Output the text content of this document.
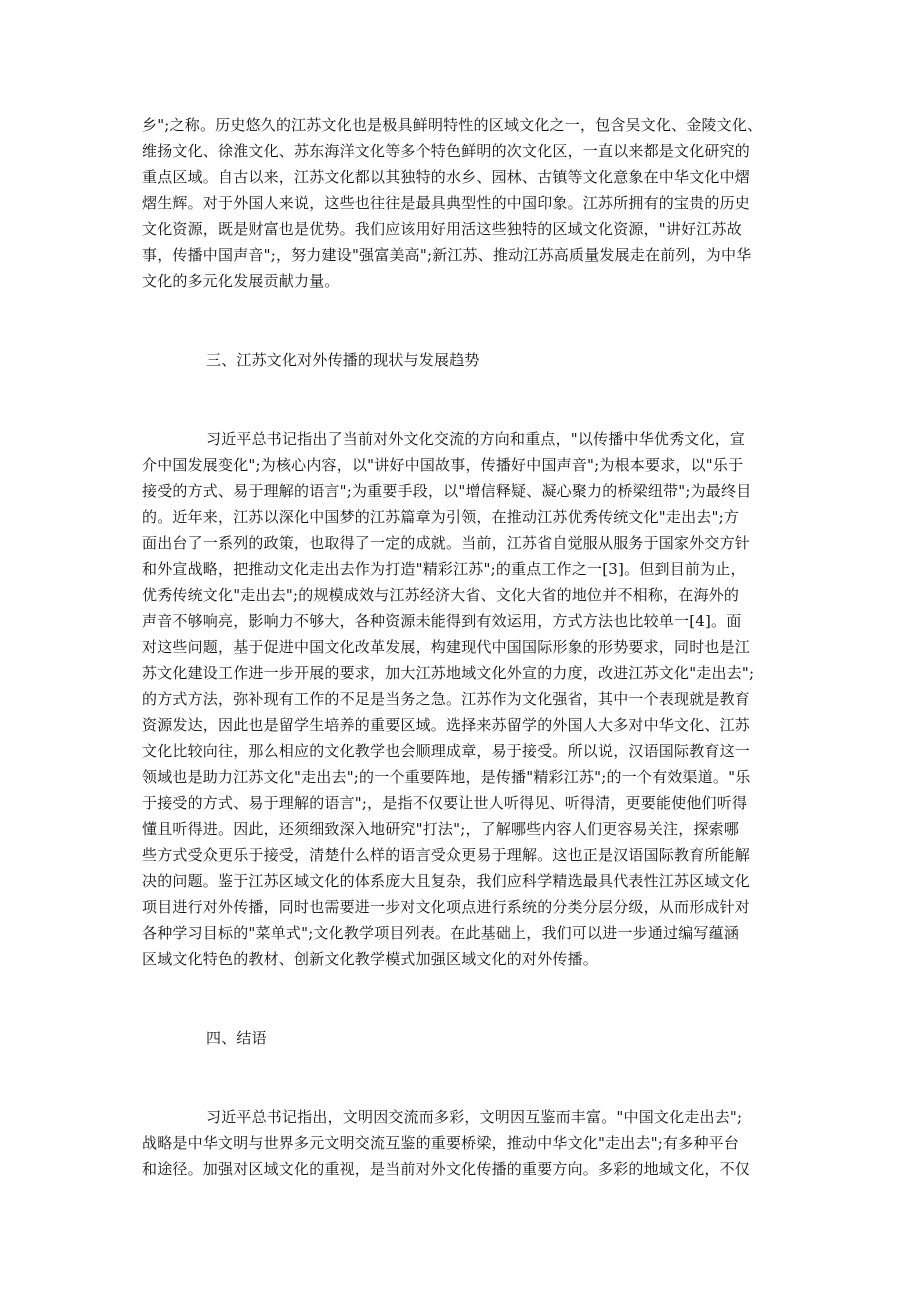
乡";之称。历史悠久的江苏文化也是极具鲜明特性的区域文化之一，包含吴文化、金陵文化、
维扬文化、徐淮文化、苏东海洋文化等多个特色鲜明的次文化区，一直以来都是文化研究的
重点区域。自古以来，江苏文化都以其独特的水乡、园林、古镇等文化意象在中华文化中熠
熠生辉。对于外国人来说，这些也往往是最具典型性的中国印象。江苏所拥有的宝贵的历史
文化资源，既是财富也是优势。我们应该用好用活这些独特的区域文化资源，"讲好江苏故
事，传播中国声音";，努力建设"强富美高";新江苏、推动江苏高质量发展走在前列，为中华
文化的多元化发展贡献力量。
三、江苏文化对外传播的现状与发展趋势
习近平总书记指出了当前对外文化交流的方向和重点，"以传播中华优秀文化，宣
介中国发展变化";为核心内容，以"讲好中国故事，传播好中国声音";为根本要求，以"乐于
接受的方式、易于理解的语言";为重要手段，以"增信释疑、凝心聚力的桥梁纽带";为最终目
的。近年来，江苏以深化中国梦的江苏篇章为引领，在推动江苏优秀传统文化"走出去";方
面出台了一系列的政策，也取得了一定的成就。当前，江苏省自觉服从服务于国家外交方针
和外宣战略，把推动文化走出去作为打造"精彩江苏";的重点工作之一[3]。但到目前为止，
优秀传统文化"走出去";的规模成效与江苏经济大省、文化大省的地位并不相称，在海外的
声音不够响亮，影响力不够大，各种资源未能得到有效运用，方式方法也比较单一[4]。面
对这些问题，基于促进中国文化改革发展，构建现代中国国际形象的形势要求，同时也是江
苏文化建设工作进一步开展的要求，加大江苏地域文化外宣的力度，改进江苏文化"走出去";
的方式方法，弥补现有工作的不足是当务之急。江苏作为文化强省，其中一个表现就是教育
资源发达，因此也是留学生培养的重要区域。选择来苏留学的外国人大多对中华文化、江苏
文化比较向往，那么相应的文化教学也会顺理成章，易于接受。所以说，汉语国际教育这一
领域也是助力江苏文化"走出去";的一个重要阵地，是传播"精彩江苏";的一个有效渠道。"乐
于接受的方式、易于理解的语言";，是指不仅要让世人听得见、听得清，更要能使他们听得
懂且听得进。因此，还须细致深入地研究"打法";，了解哪些内容人们更容易关注，探索哪
些方式受众更乐于接受，清楚什么样的语言受众更易于理解。这也正是汉语国际教育所能解
决的问题。鉴于江苏区域文化的体系庞大且复杂，我们应科学精选最具代表性江苏区域文化
项目进行对外传播，同时也需要进一步对文化项点进行系统的分类分层分级，从而形成针对
各种学习目标的"菜单式";文化教学项目列表。在此基础上，我们可以进一步通过编写蕴涵
区域文化特色的教材、创新文化教学模式加强区域文化的对外传播。
四、结语
习近平总书记指出，文明因交流而多彩，文明因互鉴而丰富。"中国文化走出去";
战略是中华文明与世界多元文明交流互鉴的重要桥梁，推动中华文化"走出去";有多种平台
和途径。加强对区域文化的重视，是当前对外文化传播的重要方向。多彩的地域文化，不仅
